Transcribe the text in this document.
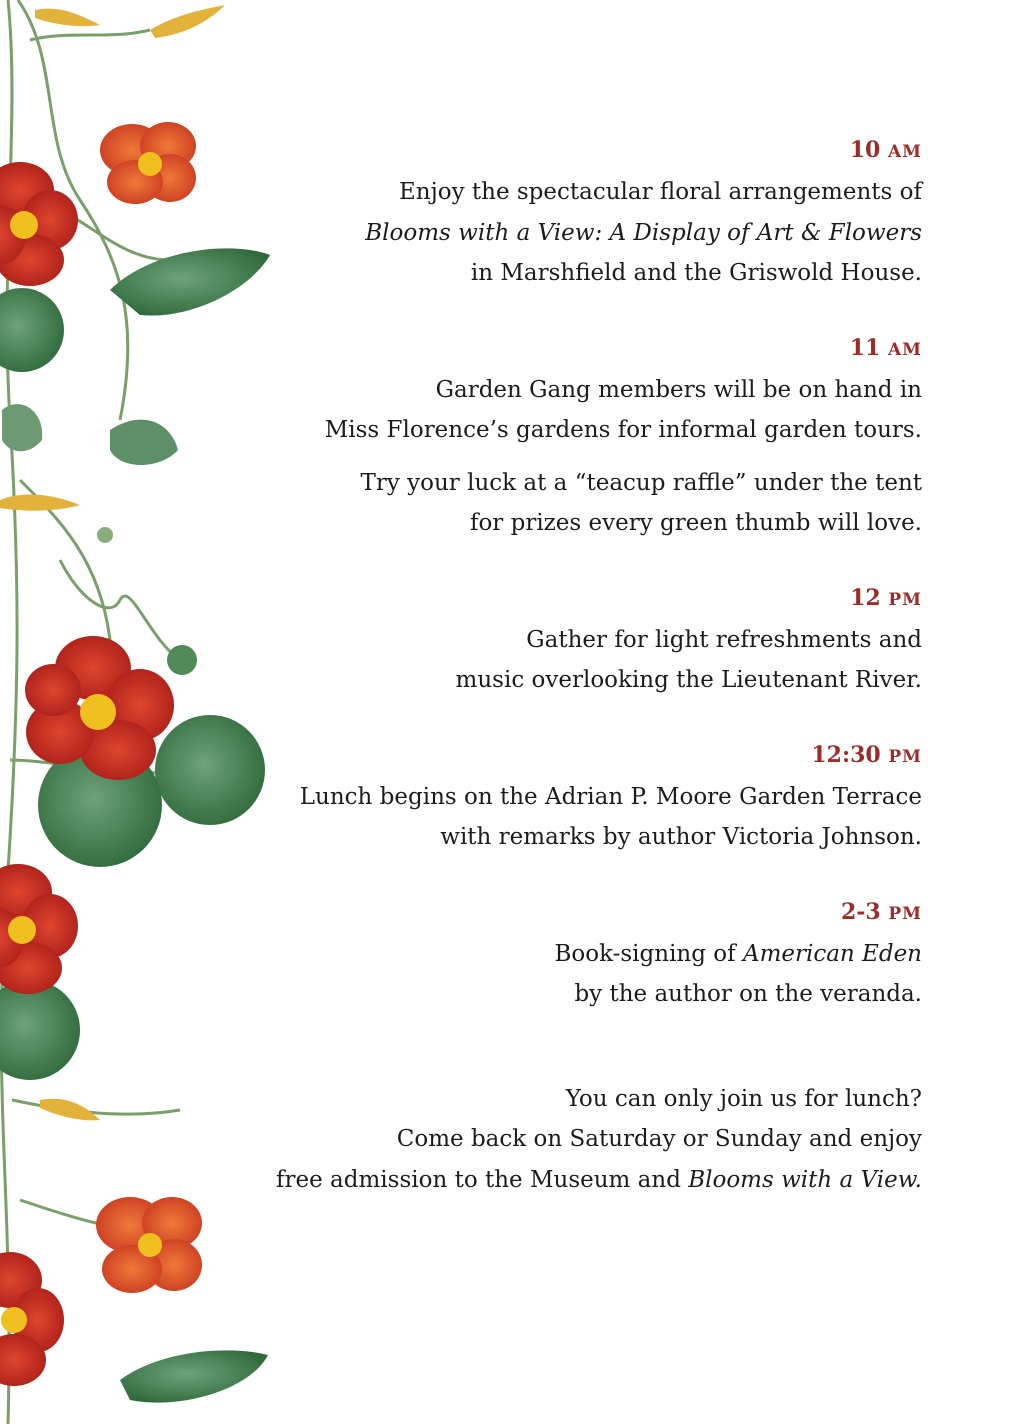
10 AM
Enjoy the spectacular floral arrangements of
Blooms with a View: A Display of Art & Flowers
in Marshfield and the Griswold House.
11 AM
Garden Gang members will be on hand in
Miss Florence’s gardens for informal garden tours.
Try your luck at a “teacup raffle” under the tent
for prizes every green thumb will love.
12 PM
Gather for light refreshments and
music overlooking the Lieutenant River.
12:30 PM
Lunch begins on the Adrian P. Moore Garden Terrace
with remarks by author Victoria Johnson.
2-3 PM
Book-signing of American Eden
by the author on the veranda.
You can only join us for lunch?
Come back on Saturday or Sunday and enjoy
free admission to the Museum and Blooms with a View.
